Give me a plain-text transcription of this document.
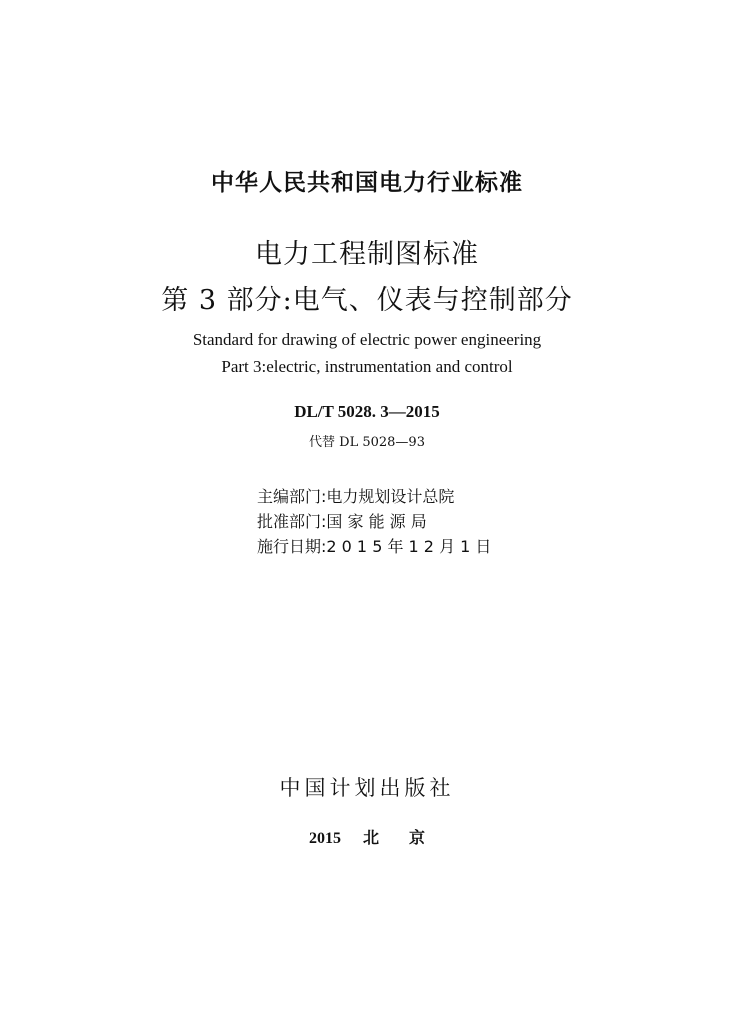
中华人民共和国电力行业标准
电力工程制图标准
第 3 部分:电气、仪表与控制部分
Standard for drawing of electric power engineering
Part 3:electric, instrumentation and control
DL/T 5028. 3—2015
代替 DL 5028—93
主编部门:电力规划设计总院
批准部门:国 家 能 源 局
施行日期:2 0 1 5 年 1 2 月 1 日
中国计划出版社
2015 北京
